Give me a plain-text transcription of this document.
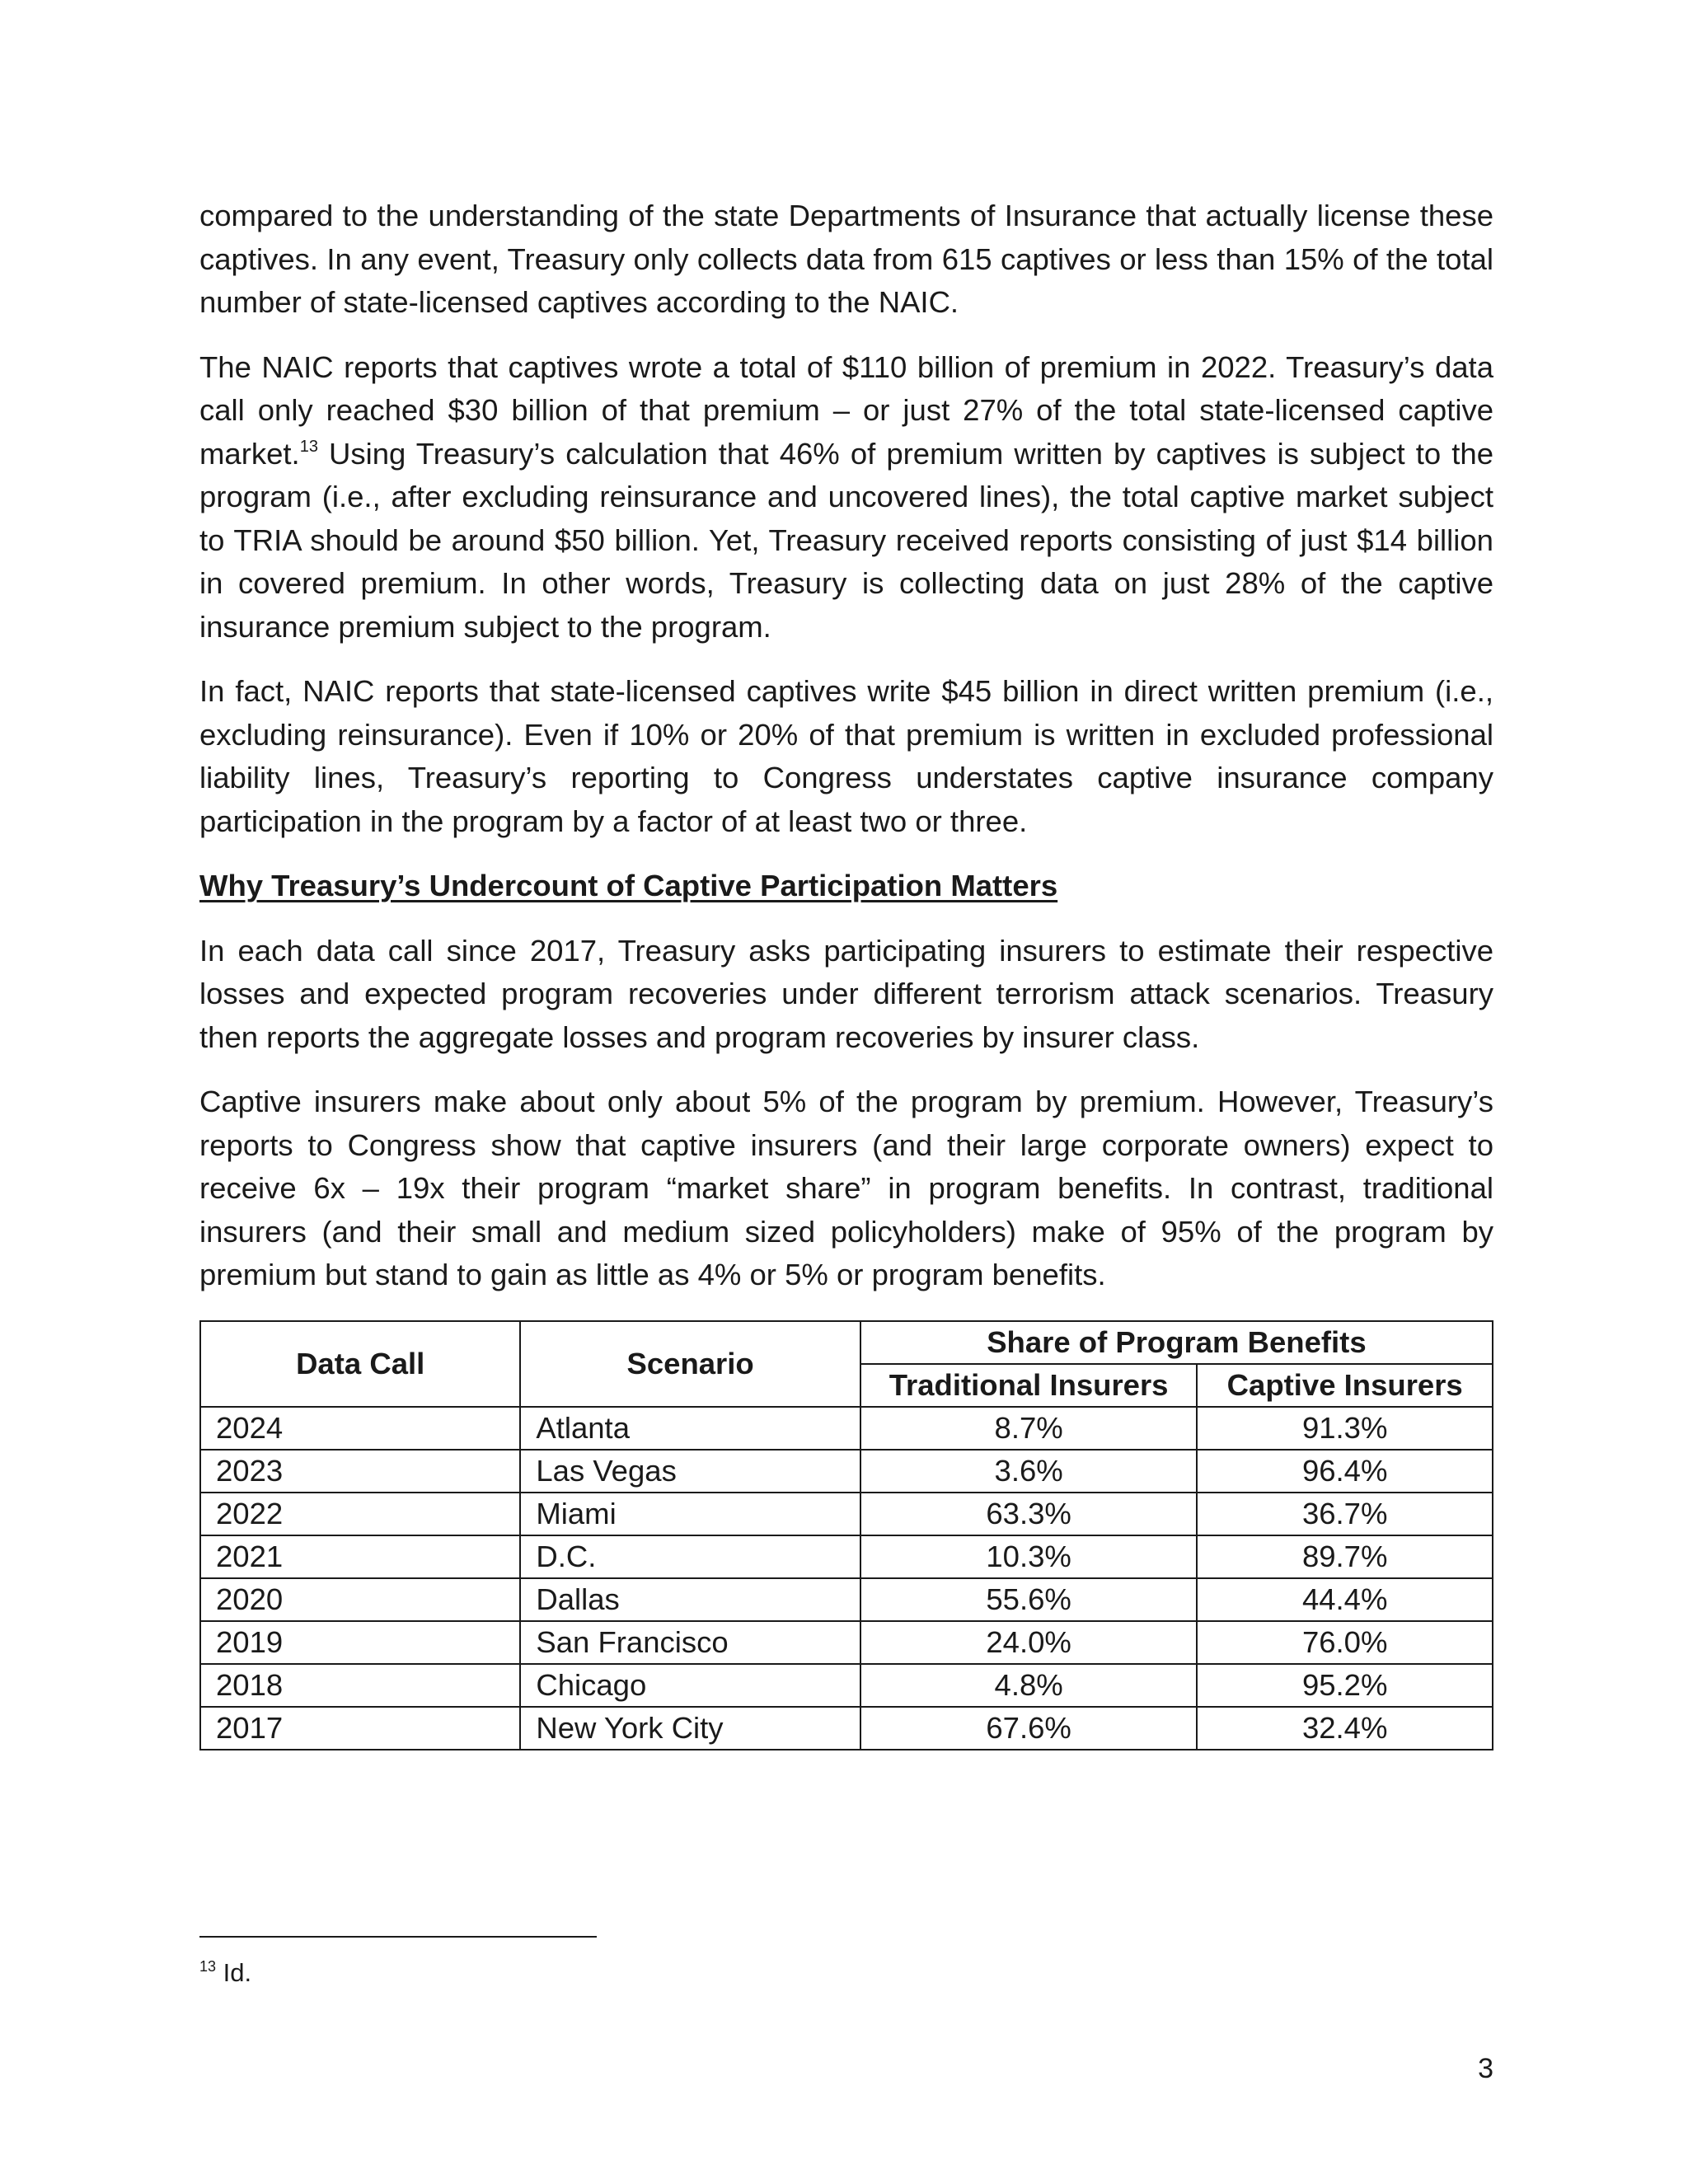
compared to the understanding of the state Departments of Insurance that actually license these captives. In any event, Treasury only collects data from 615 captives or less than 15% of the total number of state-licensed captives according to the NAIC.

The NAIC reports that captives wrote a total of $110 billion of premium in 2022. Treasury’s data call only reached $30 billion of that premium – or just 27% of the total state-licensed captive market.$^{13}$ Using Treasury’s calculation that 46% of premium written by captives is subject to the program (i.e., after excluding reinsurance and uncovered lines), the total captive market subject to TRIA should be around $50 billion. Yet, Treasury received reports consisting of just $14 billion in covered premium. In other words, Treasury is collecting data on just 28% of the captive insurance premium subject to the program.

In fact, NAIC reports that state-licensed captives write $45 billion in direct written premium (i.e., excluding reinsurance). Even if 10% or 20% of that premium is written in excluded professional liability lines, Treasury’s reporting to Congress understates captive insurance company participation in the program by a factor of at least two or three.

Why Treasury’s Undercount of Captive Participation Matters

In each data call since 2017, Treasury asks participating insurers to estimate their respective losses and expected program recoveries under different terrorism attack scenarios. Treasury then reports the aggregate losses and program recoveries by insurer class.

Captive insurers make about only about 5% of the program by premium. However, Treasury’s reports to Congress show that captive insurers (and their large corporate owners) expect to receive 6x – 19x their program “market share” in program benefits. In contrast, traditional insurers (and their small and medium sized policyholders) make of 95% of the program by premium but stand to gain as little as 4% or 5% or program benefits.

Data Call	Scenario	Share of Program Benefits	
		Traditional Insurers	Captive Insurers
2024	Atlanta	8.7%	91.3%
2023	Las Vegas	3.6%	96.4%
2022	Miami	63.3%	36.7%
2021	D.C.	10.3%	89.7%
2020	Dallas	55.6%	44.4%
2019	San Francisco	24.0%	76.0%
2018	Chicago	4.8%	95.2%
2017	New York City	67.6%	32.4%
$^{13}$ Id.
3
